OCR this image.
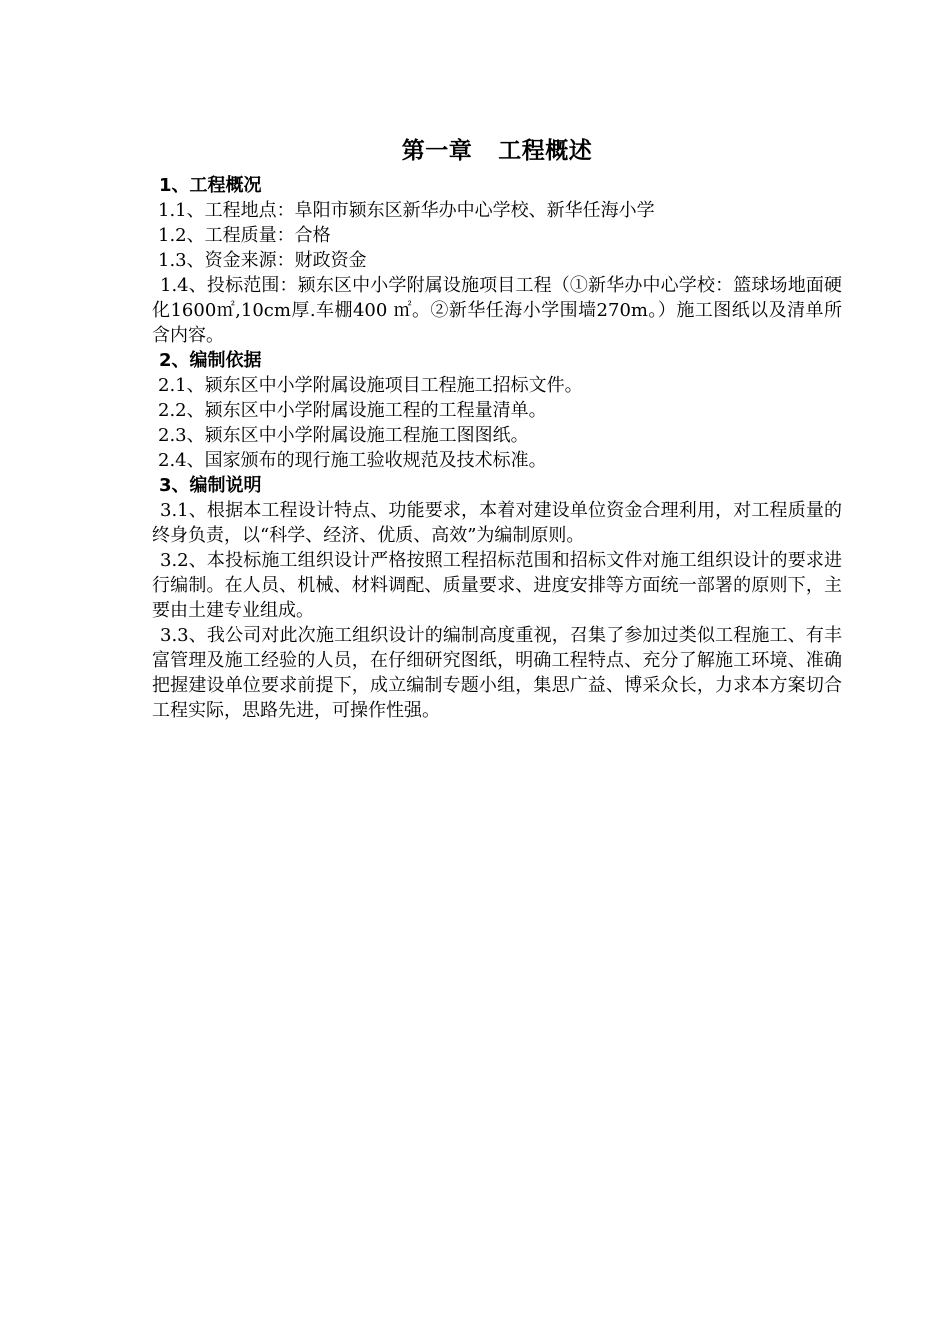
第一章 工程概述
1、工程概况

1.1、工程地点：阜阳市颍东区新华办中心学校、新华任海小学

1.2、工程质量：合格

1.3、资金来源：财政资金

1.4、投标范围：颍东区中小学附属设施项目工程（①新华办中心学校：篮球场地面硬化1600㎡,10cm厚.车棚400 ㎡。②新华任海小学围墙270m。）施工图纸以及清单所含内容。

2、编制依据

2.1、颍东区中小学附属设施项目工程施工招标文件。

2.2、颍东区中小学附属设施工程的工程量清单。

2.3、颍东区中小学附属设施工程施工图图纸。

2.4、国家颁布的现行施工验收规范及技术标准。

3、编制说明

3.1、根据本工程设计特点、功能要求，本着对建设单位资金合理利用，对工程质量的终身负责，以“科学、经济、优质、高效”为编制原则。

3.2、本投标施工组织设计严格按照工程招标范围和招标文件对施工组织设计的要求进行编制。在人员、机械、材料调配、质量要求、进度安排等方面统一部署的原则下，主要由土建专业组成。

3.3、我公司对此次施工组织设计的编制高度重视，召集了参加过类似工程施工、有丰富管理及施工经验的人员，在仔细研究图纸，明确工程特点、充分了解施工环境、准确把握建设单位要求前提下，成立编制专题小组，集思广益、博采众长，力求本方案切合工程实际，思路先进，可操作性强。
